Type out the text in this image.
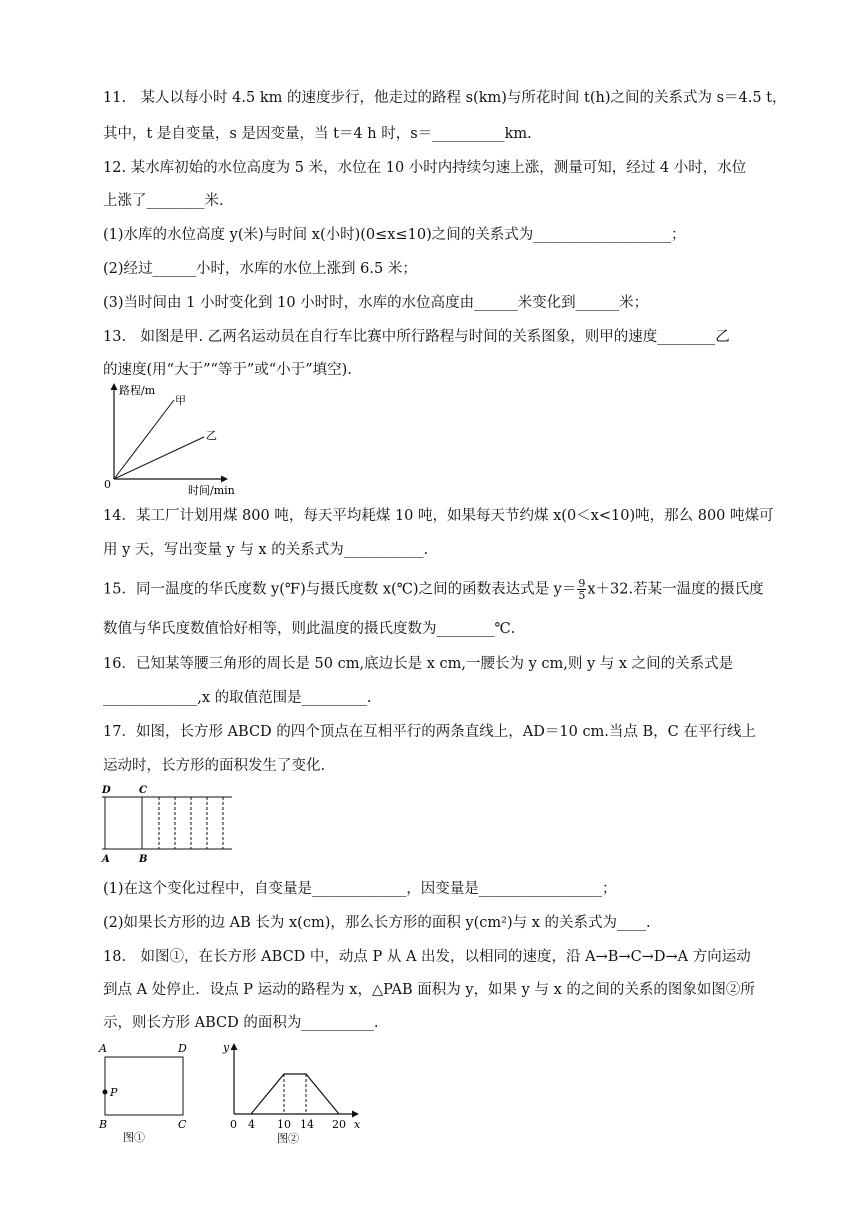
11.　某人以每小时 4.5 km 的速度步行，他走过的路程 s(km)与所花时间 t(h)之间的关系式为 s＝4.5 t，
其中，t 是自变量，s 是因变量，当 t＝4 h 时，s＝__________km.
12. 某水库初始的水位高度为 5 米，水位在 10 小时内持续匀速上涨，测量可知，经过 4 小时，水位
上涨了________米.
(1)水库的水位高度 y(米)与时间 x(小时)(0≤x≤10)之间的关系式为___________________；
(2)经过______小时，水库的水位上涨到 6.5 米；
(3)当时间由 1 小时变化到 10 小时时，水库的水位高度由______米变化到______米；
13.　如图是甲. 乙两名运动员在自行车比赛中所行路程与时间的关系图象，则甲的速度________乙
的速度(用“大于”“等于”或“小于”填空).
路程/m
甲
乙
0	时间/min
14．某工厂计划用煤 800 吨，每天平均耗煤 10 吨，如果每天节约煤 x(0＜x<10)吨，那么 800 吨煤可
用 y 天，写出变量 y 与 x 的关系式为___________.
15．同一温度的华氏度数 y(℉)与摄氏度数 x(℃)之间的函数表达式是 $y= \frac{9}{5} x+32$.若某一温度的摄氏度
数值与华氏度数值恰好相等，则此温度的摄氏度数为________℃.
16．已知某等腰三角形的周长是 50 cm,底边长是 x cm,一腰长为 y cm,则 y 与 x 之间的关系式是
_____________,x 的取值范围是_________.
17．如图，长方形 ABCD 的四个顶点在互相平行的两条直线上，AD＝10 cm.当点 B，C 在平行线上
运动时，长方形的面积发生了变化.
D	C
A	B
(1)在这个变化过程中，自变量是_____________，因变量是_________________；
(2)如果长方形的边 AB 长为 x(cm)，那么长方形的面积 y(cm²)与 x 的关系式为____.
18.　如图①，在长方形 ABCD 中，动点 P 从 A 出发，以相同的速度，沿 A→B→C→D→A 方向运动
到点 A 处停止．设点 P 运动的路程为 x，△PAB 面积为 y，如果 y 与 x 的之间的关系的图象如图②所
示，则长方形 ABCD 的面积为__________.
A	D
P
B	C
图①
y
0 4 10 14 20 x
图②
